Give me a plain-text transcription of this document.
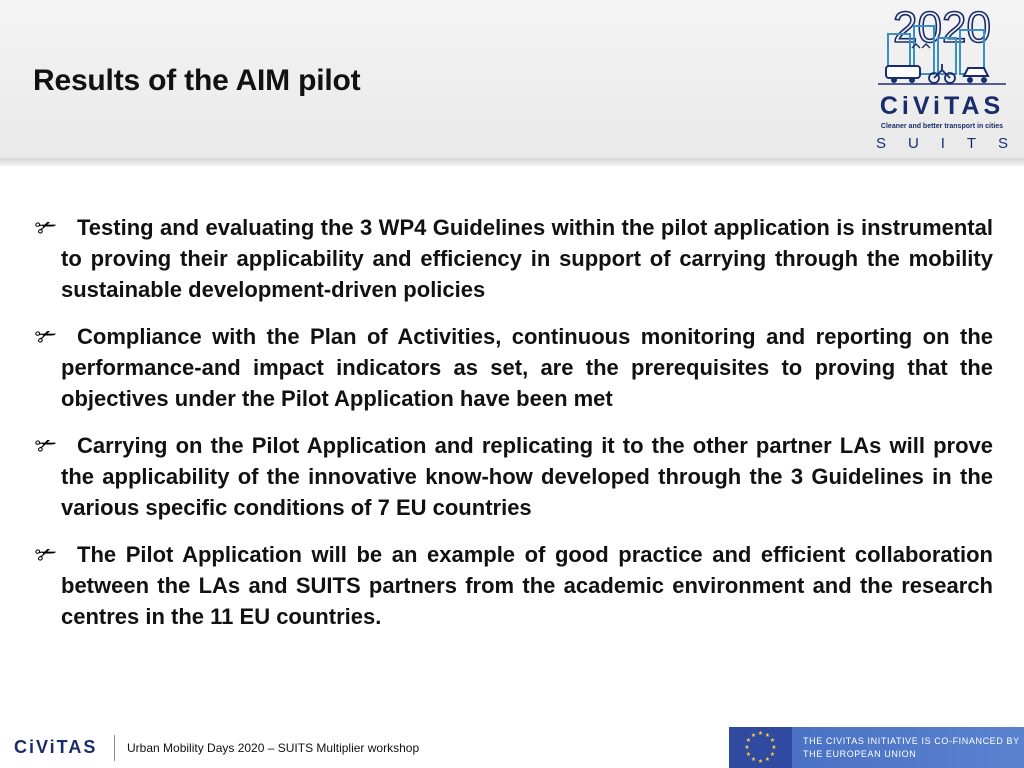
Results of the AIM pilot
2020
CiViTAS
Cleaner and better transport in cities
S U I T S

✃ Testing and evaluating the 3 WP4 Guidelines within the pilot application is instrumental to proving their applicability and efficiency in support of carrying through the mobility sustainable development-driven policies

✃ Compliance with the Plan of Activities, continuous monitoring and reporting on the performance-and impact indicators as set, are the prerequisites to proving that the objectives under the Pilot Application have been met

✃ Carrying on the Pilot Application and replicating it to the other partner LAs will prove the applicability of the innovative know-how developed through the 3 Guidelines in the various specific conditions of 7 EU countries

✃ The Pilot Application will be an example of good practice and efficient collaboration between the LAs and SUITS partners from the academic environment and the research centres in the 11 EU countries.

CiViTAS Urban Mobility Days 2020 – SUITS Multiplier workshop
★ ★
★
★
★
★
★
★
★
★
★
★
THE CIVITAS INITIATIVE IS CO-FINANCED BY
THE EUROPEAN UNION
